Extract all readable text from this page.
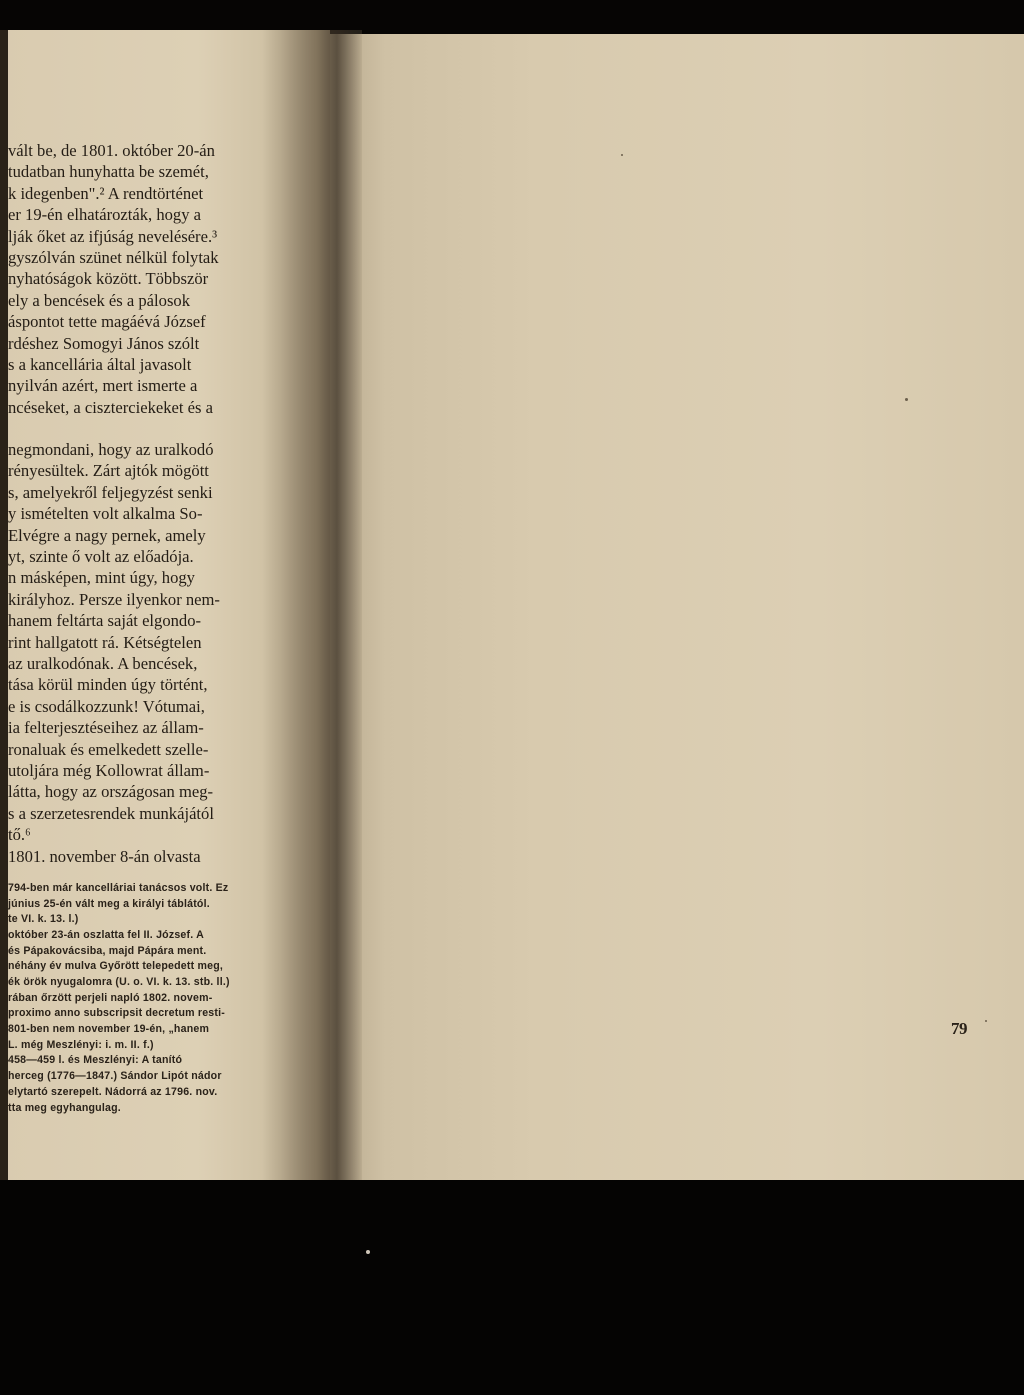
vált be, de 1801. október 20-án
tudatban hunyhatta be szemét,
k idegenben".² A rendtörténet
er 19-én elhatározták, hogy a
lják őket az ifjúság nevelésére.³
gyszólván szünet nélkül folytak
nyhatóságok között. Többször
ely a bencések és a pálosok
áspontot tette magáévá József
rdéshez Somogyi János szólt
s a kancellária által javasolt
nyilván azért, mert ismerte a
ncéseket, a ciszterciekeket és a
negmondani, hogy az uralkodó
rényesültek. Zárt ajtók mögött
s, amelyekről feljegyzést senki
y ismételten volt alkalma So-
Elvégre a nagy pernek, amely
yt, szinte ő volt az előadója.
n másképen, mint úgy, hogy
királyhoz. Persze ilyenkor nem-
hanem feltárta saját elgondo-
rint hallgatott rá. Kétségtelen
az uralkodónak. A bencések,
tása körül minden úgy történt,
e is csodálkozzunk! Vótumai,
ia felterjesztéseihez az állam-
ronaluak és emelkedett szelle-
utoljára még Kollowrat állam-
látta, hogy az országosan meg-
s a szerzetesrendek munkájától
tő.⁶
1801. november 8-án olvasta
794-ben már kancelláriai tanácsos volt. Ez
június 25-én vált meg a királyi táblától.
te VI. k. 13. l.)
október 23-án oszlatta fel II. József. A
és Pápakovácsiba, majd Pápára ment.
néhány év mulva Győrött telepedett meg,
ék örök nyugalomra (U. o. VI. k. 13. stb. ll.)
rában őrzött perjeli napló 1802. novem-
proximo anno subscripsit decretum resti-
801-ben nem november 19-én, „hanem
L. még Meszlényi: i. m. II. f.)
458—459 l. és Meszlényi: A tanító
herceg (1776—1847.) Sándor Lipót nádor
elytartó szerepelt. Nádorrá az 1796. nov.
tta meg egyhangulag.
79
